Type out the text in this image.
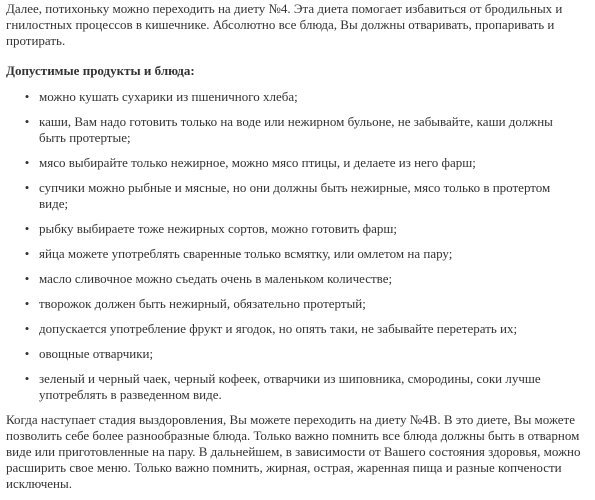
Далее, потихоньку можно переходить на диету №4. Эта диета помогает избавиться от бродильных и гнилостных процессов в кишечнике. Абсолютно все блюда, Вы должны отваривать, пропаривать и протирать.

Допустимые продукты и блюда:

•
можно кушать сухарики из пшеничного хлеба;
•
каши, Вам надо готовить только на воде или нежирном бульоне, не забывайте, каши должны быть протертые;
•
мясо выбирайте только нежирное, можно мясо птицы, и делаете из него фарш;
•
супчики можно рыбные и мясные, но они должны быть нежирные, мясо только в протертом виде;
•
рыбку выбираете тоже нежирных сортов, можно готовить фарш;
•
яйца можете употреблять сваренные только всмятку, или омлетом на пару;
•
масло сливочное можно съедать очень в маленьком количестве;
•
творожок должен быть нежирный, обязательно протертый;
•
допускается употребление фрукт и ягодок, но опять таки, не забывайте перетерать их;
•
овощные отварчики;
•
зеленый и черный чаек, черный кофеек, отварчики из шиповника, смородины, соки лучше употреблять в разведенном виде.

Когда наступает стадия выздоровления, Вы можете переходить на диету №4В. В это диете, Вы можете позволить себе более разнообразные блюда. Только важно помнить все блюда должны быть в отварном виде или приготовленные на пару. В дальнейшем, в зависимости от Вашего состояния здоровья, можно расширить свое меню. Только важно помнить, жирная, острая, жаренная пища и разные копчености исключены.
